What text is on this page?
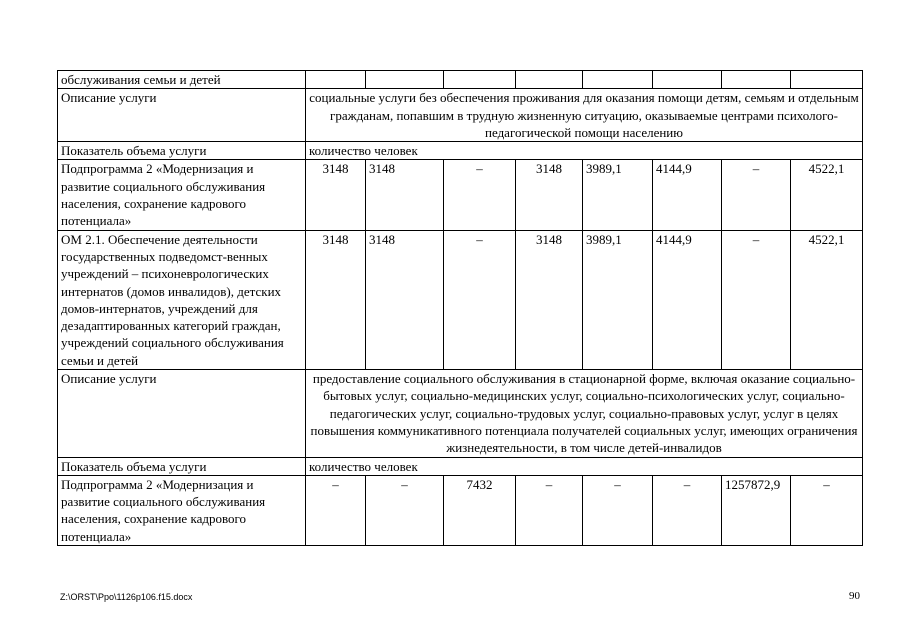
обслуживания семьи и детей								
Описание услуги	социальные услуги без обеспечения проживания для оказания помощи детям, семьям и отдельным гражданам, попавшим в трудную жизненную ситуацию, оказываемые центрами психолого-педагогической помощи населению							
Показатель объема услуги	количество человек							
Подпрограмма 2 «Модернизация и развитие социального обслуживания населения, сохранение кадрового потенциала»	3148	3148	–	3148	3989,1	4144,9	–	4522,1
ОМ 2.1. Обеспечение деятельности государственных подведомст-венных учреждений – психоневрологических интернатов (домов инвалидов), детских домов-интернатов, учреждений для дезадаптированных категорий граждан, учреждений социального обслуживания семьи и детей	3148	3148	–	3148	3989,1	4144,9	–	4522,1
Описание услуги	предоставление социального обслуживания в стационарной форме, включая оказание социально-бытовых услуг, социально-медицинских услуг, социально-психологических услуг, социально-педагогических услуг, социально-трудовых услуг, социально-правовых услуг, услуг в целях повышения коммуникативного потенциала получателей социальных услуг, имеющих ограничения жизнедеятельности, в том числе детей-инвалидов							
Показатель объема услуги	количество человек							
Подпрограмма 2 «Модернизация и развитие социального обслуживания населения, сохранение кадрового потенциала»	–	–	7432	–	–	–	1257872,9	–
Z:\ORST\Ppo\1126p106.f15.docx	90
